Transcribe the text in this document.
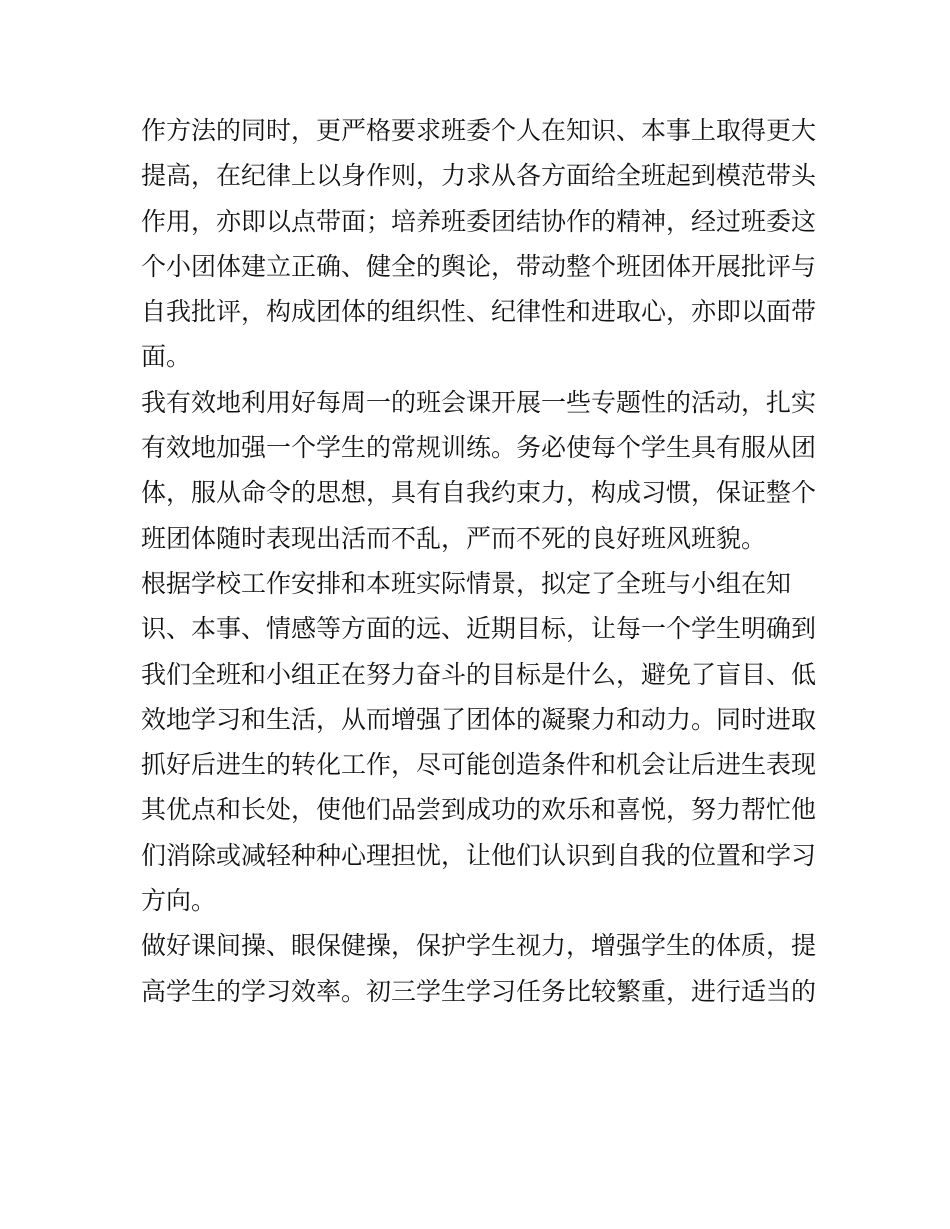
作方法的同时，更严格要求班委个人在知识、本事上取得更大
提高，在纪律上以身作则，力求从各方面给全班起到模范带头
作用，亦即以点带面；培养班委团结协作的精神，经过班委这
个小团体建立正确、健全的舆论，带动整个班团体开展批评与
自我批评，构成团体的组织性、纪律性和进取心，亦即以面带
面。
我有效地利用好每周一的班会课开展一些专题性的活动，扎实
有效地加强一个学生的常规训练。务必使每个学生具有服从团
体，服从命令的思想，具有自我约束力，构成习惯，保证整个
班团体随时表现出活而不乱，严而不死的良好班风班貌。
根据学校工作安排和本班实际情景，拟定了全班与小组在知
识、本事、情感等方面的远、近期目标，让每一个学生明确到
我们全班和小组正在努力奋斗的目标是什么，避免了盲目、低
效地学习和生活，从而增强了团体的凝聚力和动力。同时进取
抓好后进生的转化工作，尽可能创造条件和机会让后进生表现
其优点和长处，使他们品尝到成功的欢乐和喜悦，努力帮忙他
们消除或减轻种种心理担忧，让他们认识到自我的位置和学习
方向。
做好课间操、眼保健操，保护学生视力，增强学生的体质，提
高学生的学习效率。初三学生学习任务比较繁重，进行适当的
